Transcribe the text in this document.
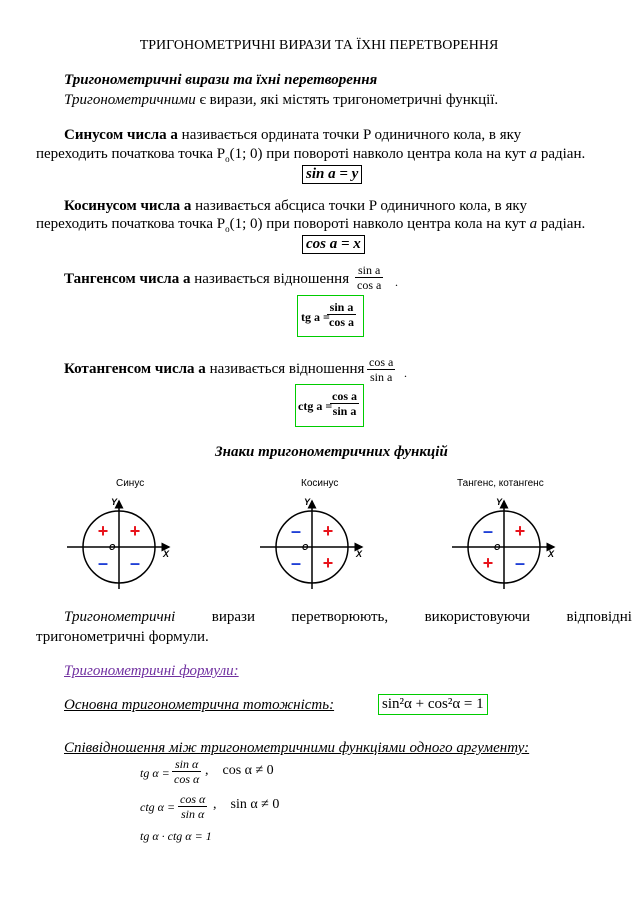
ТРИГОНОМЕТРИЧНІ ВИРАЗИ ТА ЇХНІ ПЕРЕТВОРЕННЯ
Тригонометричні вирази та їхні перетворення
Тригонометричними є вирази, які містять тригонометричні функції.
Синусом числа a називається ордината точки P одиничного кола, в яку
переходить початкова точка $P_o(1$; 0) при повороті навколо центра кола на кут a радіан.
sin a = y
Косинусом числа a називається абсциса точки P одиничного кола, в яку
переходить початкова точка $P_o(1$; 0) при повороті навколо центра кола на кут a радіан.
cos a = x
Тангенсом числа a називається відношення $\frac{\text{sin a}}{\text{cos a}}$ .
tg a =
$\frac{\text{sin a}}{\text{cos a}}$
Котангенсом числа a називається відношення $\frac{\text{cos a}}{\text{sin a}}$ .
ctg a =
$\frac{\text{cos a}}{\text{sin a}}$
Знаки тригонометричних функцій
Синус	Косинус	Тангенс, котангенс
Y
X
O
+
+
– –
Y
X
O
+
–
– +
Y
X
O
+
–
+ –
Тригонометричні вирази перетворюють, використовуючи відповідні
тригонометричні формули.
Тригонометричні формули:
Основна тригонометрична тотожність:	sin²α + cos²α = 1
Співвідношення між тригонометричними функціями одного аргументу:
tg $\alpha = \frac{\text{sin α}}{\text{cos α}}$ ,    cos α ≠ 0
ctg $\alpha = \frac{\text{cos α}}{\text{sin α}}$ ,    sin α ≠ 0
tg α · ctg α = 1
